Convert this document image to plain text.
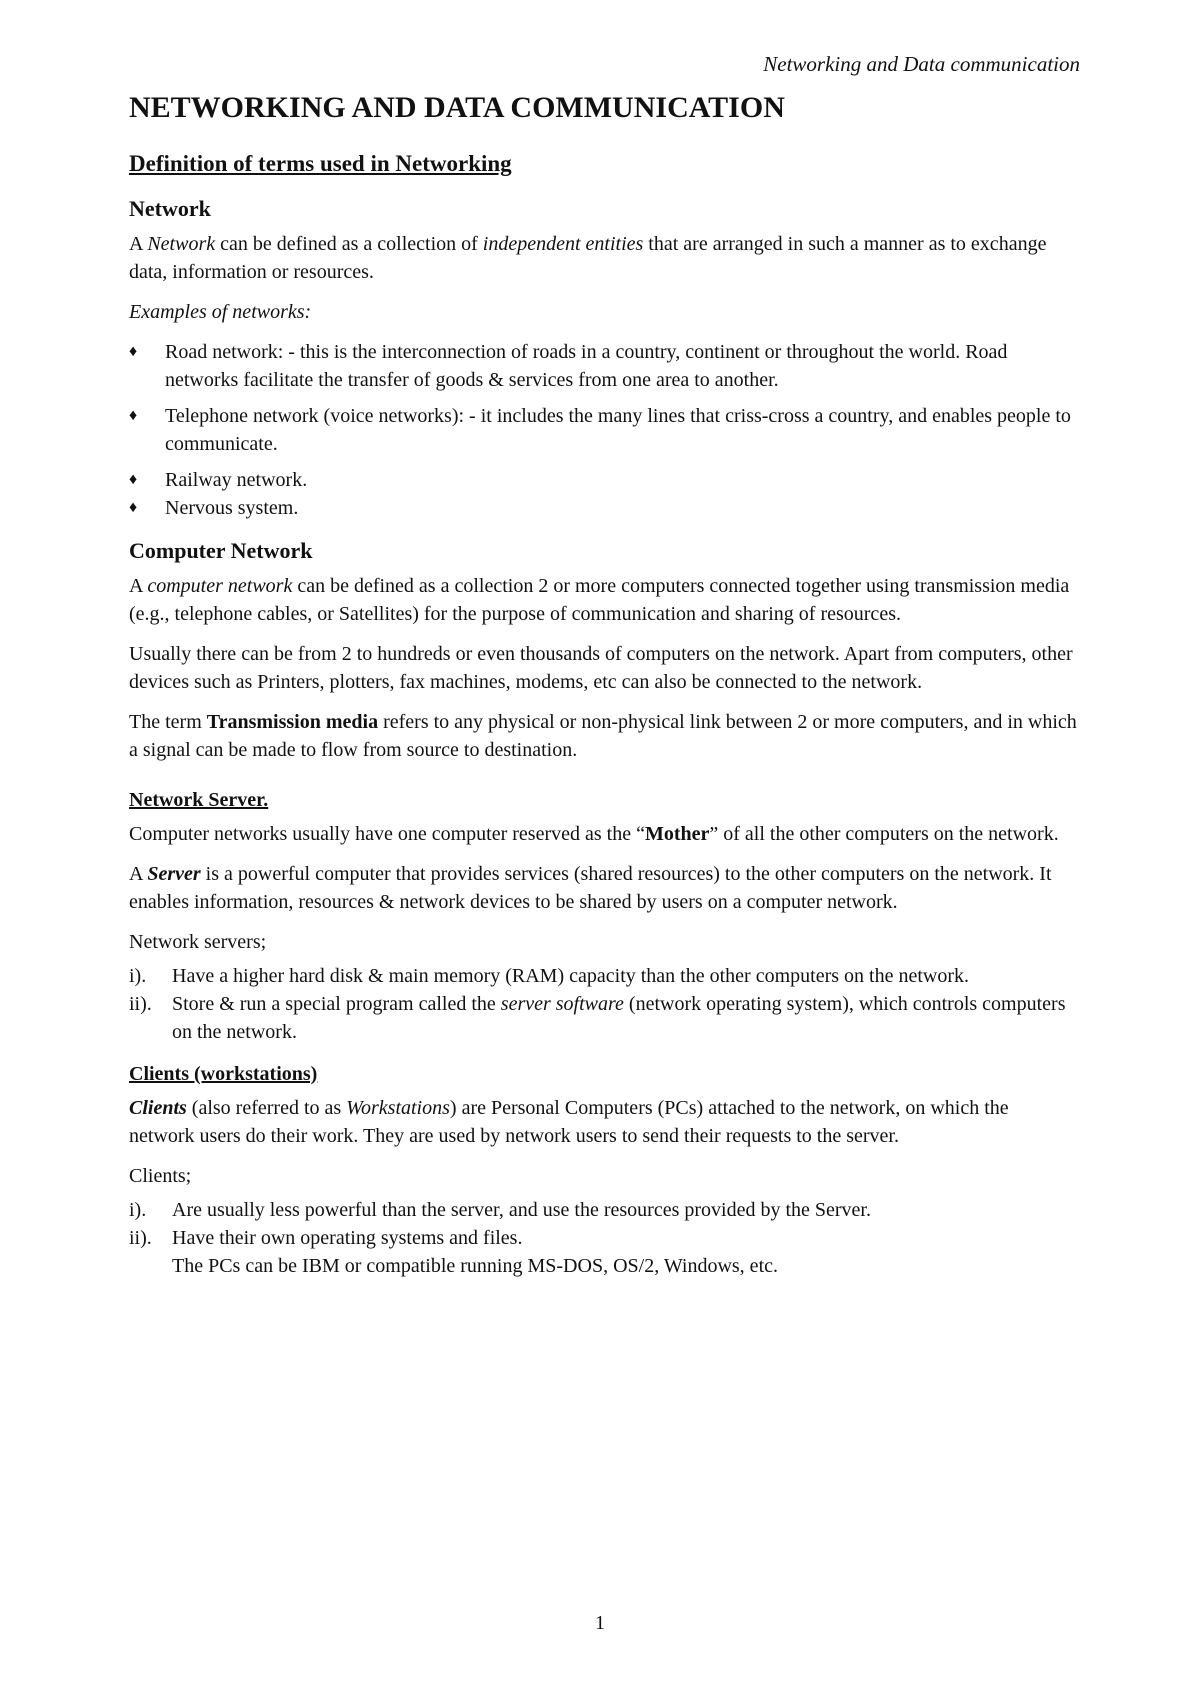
Networking and Data communication
NETWORKING AND DATA COMMUNICATION
Definition of terms used in Networking
Network

A Network can be defined as a collection of independent entities that are arranged in such a manner as to exchange data, information or resources.

Examples of networks:

♦ Road network: - this is the interconnection of roads in a country, continent or throughout the world. Road networks facilitate the transfer of goods & services from one area to another.
♦ Telephone network (voice networks): - it includes the many lines that criss-cross a country, and enables people to communicate.
♦ Railway network.
♦ Nervous system.
Computer Network

A computer network can be defined as a collection 2 or more computers connected together using transmission media (e.g., telephone cables, or Satellites) for the purpose of communication and sharing of resources.

Usually there can be from 2 to hundreds or even thousands of computers on the network. Apart from computers, other devices such as Printers, plotters, fax machines, modems, etc can also be connected to the network.

The term Transmission media refers to any physical or non-physical link between 2 or more computers, and in which a signal can be made to flow from source to destination.

Network Server.

Computer networks usually have one computer reserved as the “Mother” of all the other computers on the network.

A Server is a powerful computer that provides services (shared resources) to the other computers on the network. It enables information, resources & network devices to be shared by users on a computer network.

Network servers;

i). Have a higher hard disk & main memory (RAM) capacity than the other computers on the network.
ii). Store & run a special program called the server software (network operating system), which controls computers on the network.
Clients (workstations)

Clients (also referred to as Workstations) are Personal Computers (PCs) attached to the network, on which the network users do their work. They are used by network users to send their requests to the server.

Clients;

i). Are usually less powerful than the server, and use the resources provided by the Server.
ii). Have their own operating systems and files.

The PCs can be IBM or compatible running MS-DOS, OS/2, Windows, etc.

1
